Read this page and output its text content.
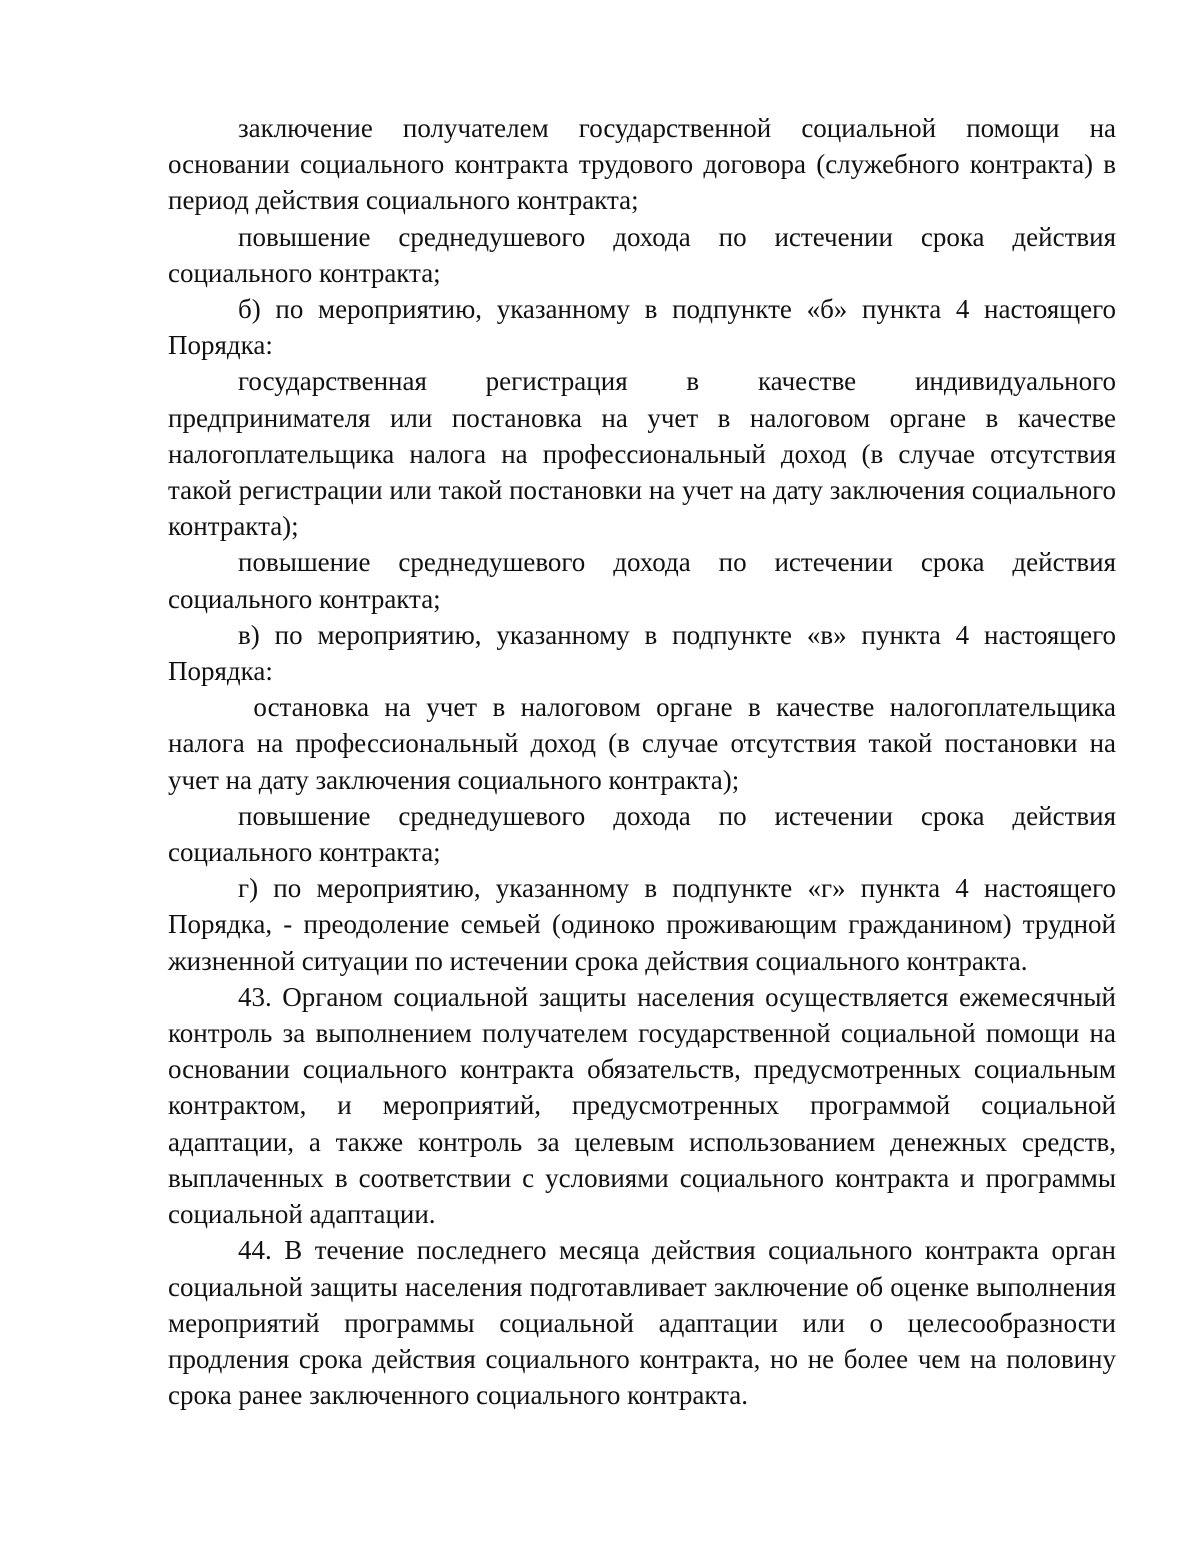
заключение получателем государственной социальной помощи на основании социального контракта трудового договора (служебного контракта) в период действия социального контракта;

повышение среднедушевого дохода по истечении срока действия социального контракта;

б) по мероприятию, указанному в подпункте «б» пункта 4 настоящего Порядка:

государственная регистрация в качестве индивидуального предпринимателя или постановка на учет в налоговом органе в качестве налогоплательщика налога на профессиональный доход (в случае отсутствия такой регистрации или такой постановки на учет на дату заключения социального контракта);

повышение среднедушевого дохода по истечении срока действия социального контракта;

в) по мероприятию, указанному в подпункте «в» пункта 4 настоящего Порядка:

остановка на учет в налоговом органе в качестве налогоплательщика налога на профессиональный доход (в случае отсутствия такой постановки на учет на дату заключения социального контракта);

повышение среднедушевого дохода по истечении срока действия социального контракта;

г) по мероприятию, указанному в подпункте «г» пункта 4 настоящего Порядка, - преодоление семьей (одиноко проживающим гражданином) трудной жизненной ситуации по истечении срока действия социального контракта.

43. Органом социальной защиты населения осуществляется ежемесячный контроль за выполнением получателем государственной социальной помощи на основании социального контракта обязательств, предусмотренных социальным контрактом, и мероприятий, предусмотренных программой социальной адаптации, а также контроль за целевым использованием денежных средств, выплаченных в соответствии с условиями социального контракта и программы социальной адаптации.

44. В течение последнего месяца действия социального контракта орган социальной защиты населения подготавливает заключение об оценке выполнения мероприятий программы социальной адаптации или о целесообразности продления срока действия социального контракта, но не более чем на половину срока ранее заключенного социального контракта.
